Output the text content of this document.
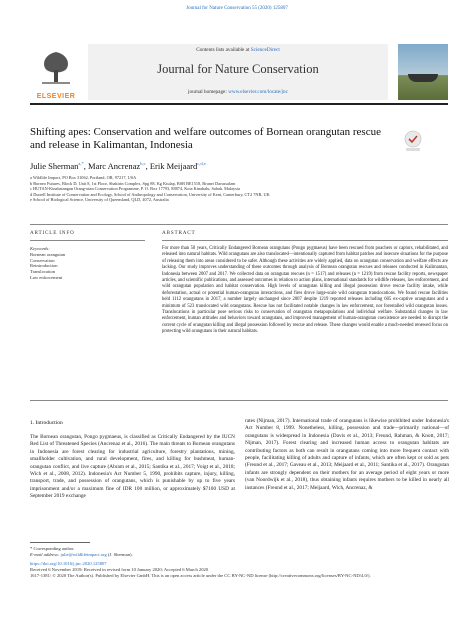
Journal for Nature Conservation 55 (2020) 125807
ELSEVIER
Contents lists available at ScienceDirect
Journal for Nature Conservation
journal homepage: www.elsevier.com/locate/jnc
Shifting apes: Conservation and welfare outcomes of Bornean orangutan rescue and release in Kalimantan, Indonesia
Julie Sherman$^{a,*}$, Marc Ancrenaz$^{b,c}$, Erik Meijaard$^{c,d,e}$
a Wildlife Impact, PO Box 31062, Portland, OR, 97217, USA
b Borneo Futures, Block D, Unit 8, 1st Floor, Shakirin Complex, Spg 88, Kg Kiulap, BSB BE1518, Brunei Darussalam
c HUTAN-Kinabatangan Orang-utan Conservation Programme, P. O. Box 17793, 88874, Kota Kinabalu, Sabah, Malaysia
d Durrell Institute of Conservation and Ecology, School of Anthropology and Conservation, University of Kent, Canterbury, CT2 7NR, UK
e School of Biological Science, University of Queensland, QLD, 4072, Australia
ARTICLE INFO	ABSTRACT
Keywords:
Bornean orangutan
Conservation
Reintroduction
Translocation
Law enforcement
For more than 50 years, Critically Endangered Bornean orangutans (Pongo pygmaeus) have been rescued from poachers or captors, rehabilitated, and released into natural habitats. Wild orangutans are also translocated—intentionally captured from habitat patches and insecure situations for the purpose of releasing them into areas considered to be safer. Although these activities are widely applied, data on orangutan conservation and welfare effects are lacking. Our study improves understanding of these outcomes through analysis of Bornean orangutan rescues and releases conducted in Kalimantan, Indonesia between 2007 and 2017. We collected data on orangutan rescues (n = 1517) and releases (n = 1219) from rescue facility reports, newspaper articles, and scientific publications, and assessed outcomes in relation to action plans, international standards for wildlife releases, law enforcement, and wild orangutan population and habitat conservation. High levels of orangutan killing and illegal possession drove rescue facility intake, while deforestation, actual or potential human-orangutan interactions, and fires drove large-scale wild orangutan translocations. We found rescue facilities held 1112 orangutans in 2017, a number largely unchanged since 2007 despite 1219 reported releases including 605 ex-captive orangutans and a minimum of 523 translocated wild orangutans. Rescue has not facilitated notable changes in law enforcement, nor forestalled wild orangutan losses. Translocations in particular pose serious risks to conservation of orangutan metapopulations and individual welfare. Substantial changes in law enforcement, human attitudes and behaviors toward orangutans, and improved management of human-orangutan coexistence are needed to disrupt the current cycle of orangutan killing and illegal possession followed by rescue and release. These changes would enable a much-needed renewed focus on protecting wild orangutans in their natural habitats.
1. Introduction
The Bornean orangutan, Pongo pygmaeus, is classified as Critically Endangered by the IUCN Red List of Threatened Species (Ancrenaz et al., 2016). The main threats to Bornean orangutans in Indonesia are forest clearing for industrial agriculture, forestry plantations, mining, smallholder cultivation, and rural development, fires, and killing for bushmeat, human-orangutan conflict, and live capture (Abram et al., 2015; Santika et al., 2017; Voigt et al., 2018; Wich et al., 2008, 2012). Indonesia's Act Number 5, 1990, prohibits capture, injury, killing, transport, trade, and possession of orangutans, which is punishable by up to five years imprisonment and/or a maximum fine of IDR 100 million, or approximately $7100 USD at September 2019 exchange
rates (Nijman, 2017). International trade of orangutans is likewise prohibited under Indonesia's Act Number 8, 1999. Nonetheless, killing, possession and trade—primarily national—of orangutans is widespread in Indonesia (Davis et al., 2013; Freund, Rahman, & Knott, 2017; Nijman, 2017). Forest clearing and increased human access to orangutan habitats are contributing factors as both can result in orangutans coming into more frequent contact with people, facilitating killing of adults and capture of infants, which are often kept or sold as pets (Freund et al., 2017; Gaveau et al., 2013; Meijaard et al., 2011; Santika et al., 2017). Orangutan infants are strongly dependent on their mothers for an average period of eight years or more (van Noordwijk et al., 2018), thus obtaining infants requires mothers to be killed in nearly all instances (Freund et al., 2017; Meijaard, Wich, Ancrenaz, &
* Corresponding author.
E-mail address: julie@wildlifeimpact.org (J. Sherman).
https://doi.org/10.1016/j.jnc.2020.125807
Received 6 November 2019; Received in revised form 10 January 2020; Accepted 6 March 2020
1617-1381/ © 2020 The Author(s). Published by Elsevier GmbH. This is an open access article under the CC BY-NC-ND license (http://creativecommons.org/licenses/BY-NC-ND/4.0/).
